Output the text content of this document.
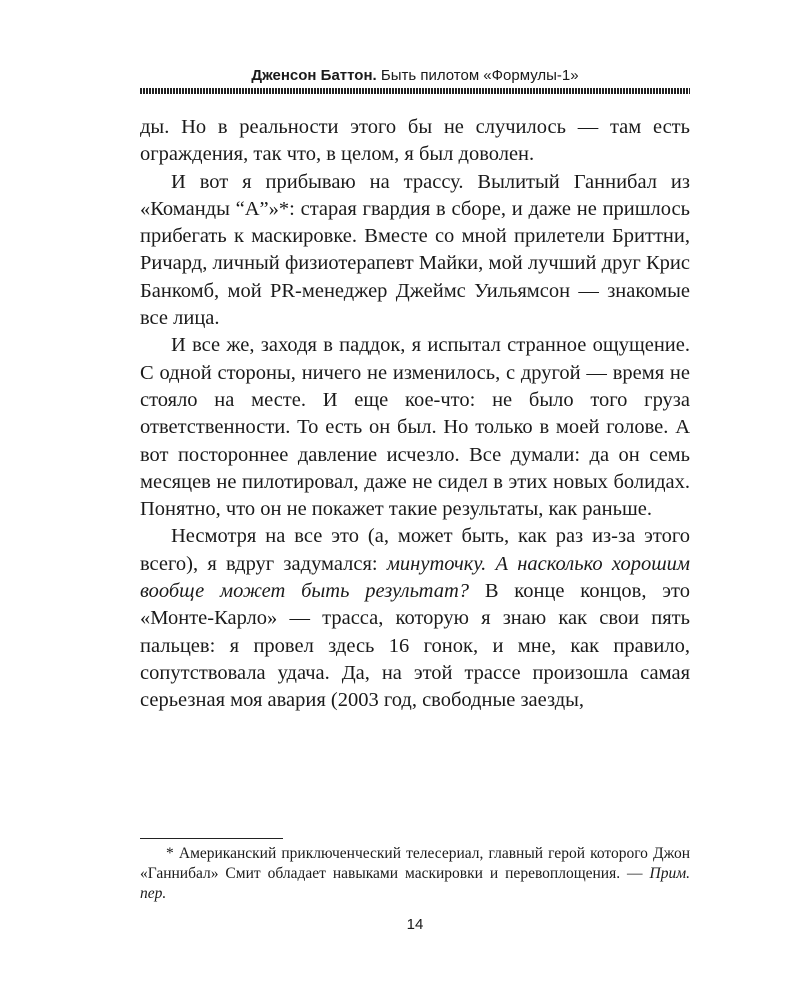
Дженсон Баттон. Быть пилотом «Формулы-1»

ды. Но в реальности этого бы не случилось — там есть ограждения, так что, в целом, я был доволен.

И вот я прибываю на трассу. Вылитый Ганнибал из «Команды “A”»*: старая гвардия в сборе, и даже не пришлось прибегать к маскировке. Вместе со мной прилетели Бриттни, Ричард, личный физиотерапевт Майки, мой лучший друг Крис Банкомб, мой PR-менеджер Джеймс Уильямсон — знакомые все лица.

И все же, заходя в паддок, я испытал странное ощущение. С одной стороны, ничего не изменилось, с другой — время не стояло на месте. И еще кое-что: не было того груза ответственности. То есть он был. Но только в моей голове. А вот постороннее давление исчезло. Все думали: да он семь месяцев не пилотировал, даже не сидел в этих новых болидах. Понятно, что он не покажет такие результаты, как раньше.

Несмотря на все это (а, может быть, как раз из-за этого всего), я вдруг задумался: минуточку. А насколько хорошим вообще может быть результат? В конце концов, это «Монте-Карло» — трасса, которую я знаю как свои пять пальцев: я провел здесь 16 гонок, и мне, как правило, сопутствовала удача. Да, на этой трассе произошла самая серьезная моя авария (2003 год, свободные заезды,

* Американский приключенческий телесериал, главный герой которого Джон «Ганнибал» Смит обладает навыками маскировки и перевоплощения. — Прим. пер.

14
